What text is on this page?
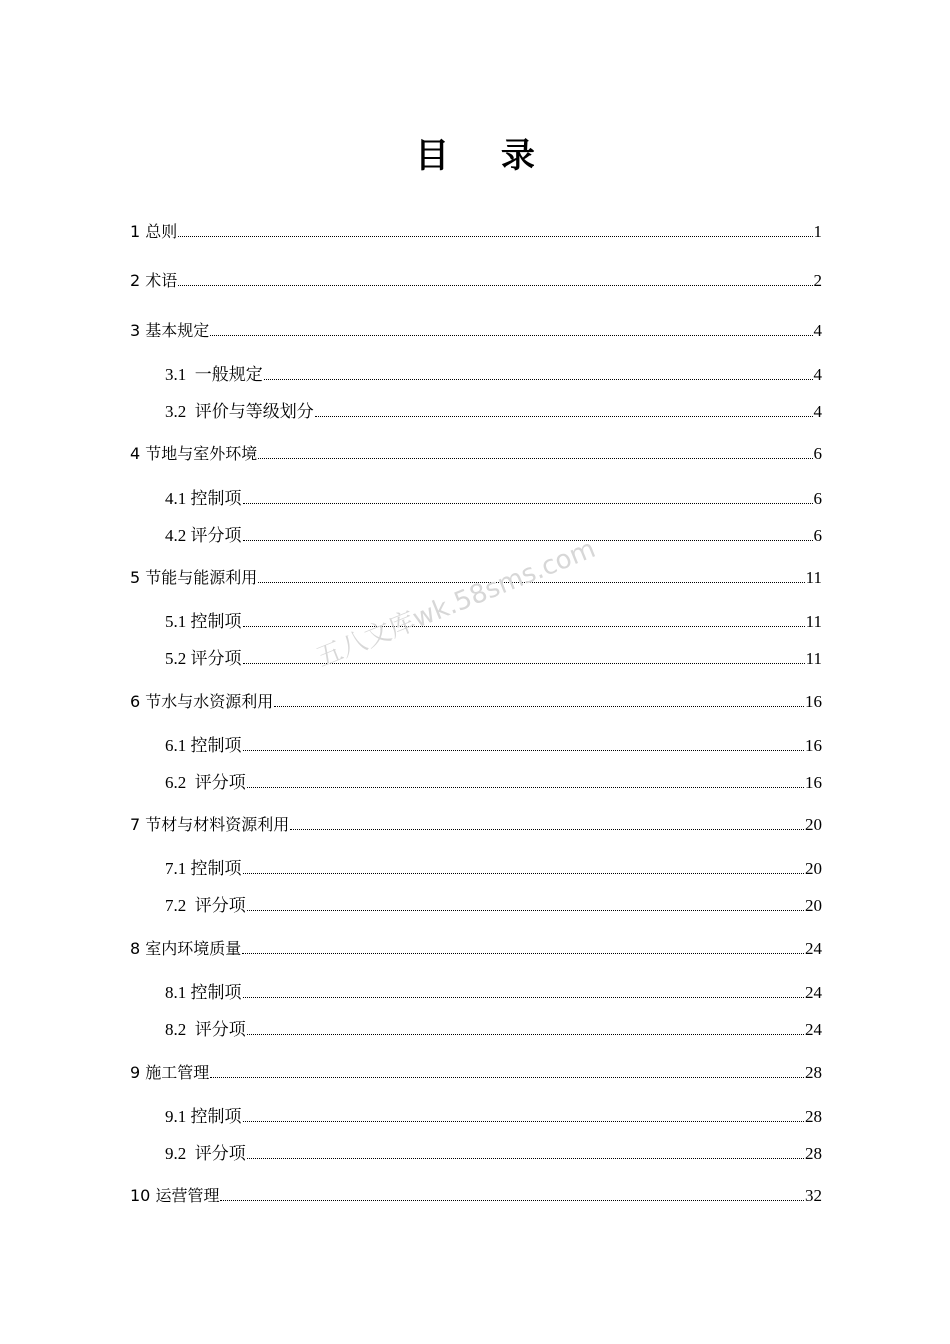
目 录
1 总则	1
2 术语	2
3 基本规定	4
3.1  一般规定	4
3.2  评价与等级划分	4
4 节地与室外环境	6
4.1 控制项	6
4.2 评分项	6
5 节能与能源利用	11
5.1 控制项	11
5.2 评分项	11
6 节水与水资源利用	16
6.1 控制项	16
6.2  评分项	16
7 节材与材料资源利用	20
7.1 控制项	20
7.2  评分项	20
8 室内环境质量	24
8.1 控制项	24
8.2  评分项	24
9 施工管理	28
9.1 控制项	28
9.2  评分项	28
10 运营管理	32
五八文库wk.58sms.com
